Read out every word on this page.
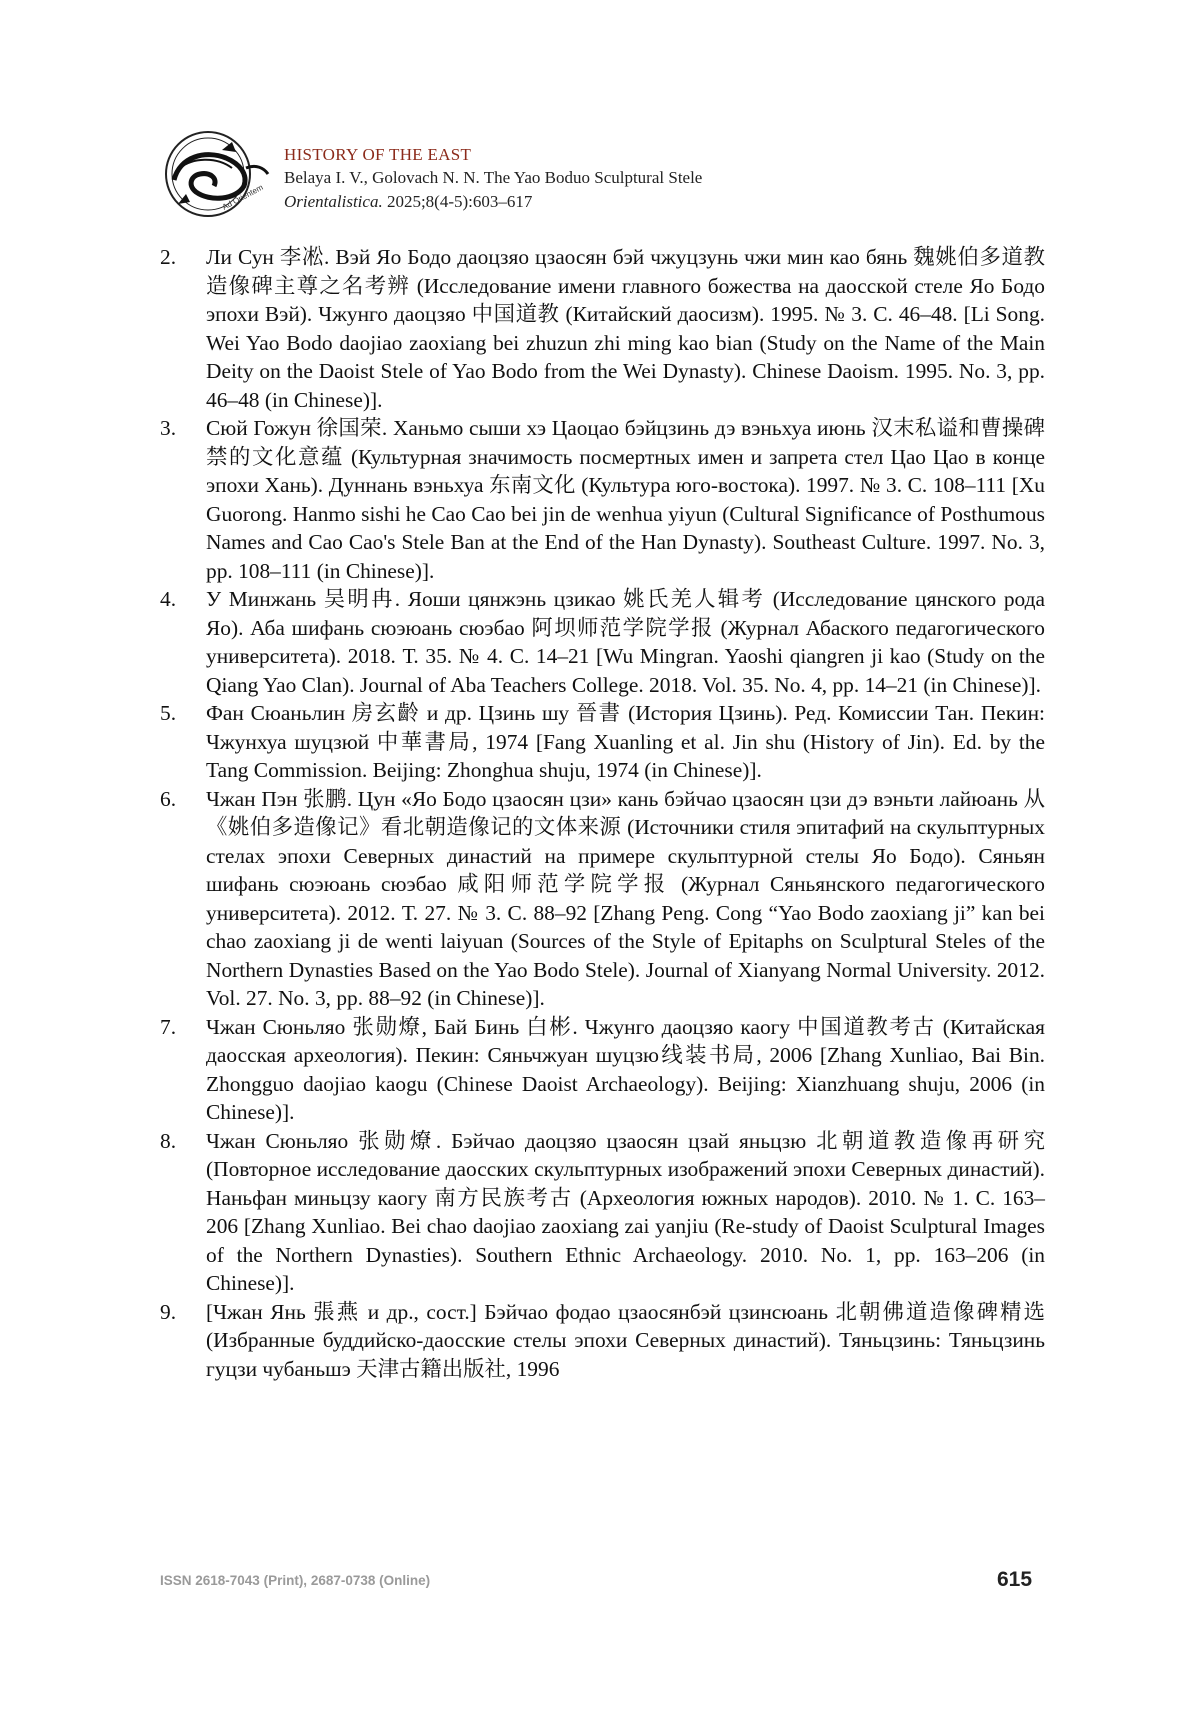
Ad Orientem
HISTORY OF THE EAST
Belaya I. V., Golovach N. N. The Yao Boduo Sculptural Stele
Orientalistica. 2025;8(4-5):603–617
2. Ли Сун 李凇. Вэй Яо Бодо даоцзяо цзаосян бэй чжуцзунь чжи мин као бянь 魏姚伯多道教造像碑主尊之名考辨 (Исследование имени главного божества на даосской стеле Яо Бодо эпохи Вэй). Чжунго даоцзяо 中国道教 (Китайский даосизм). 1995. № 3. С. 46–48. [Li Song. Wei Yao Bodo daojiao zaoxiang bei zhuzun zhi ming kao bian (Study on the Name of the Main Deity on the Daoist Stele of Yao Bodo from the Wei Dynasty). Chinese Daoism. 1995. No. 3, pp. 46–48 (in Chinese)].
3. Сюй Гожун 徐国荣. Ханьмо сыши хэ Цаоцао бэйцзинь дэ вэньхуа июнь 汉末私谥和曹操碑禁的文化意蕴 (Культурная значимость посмертных имен и запрета стел Цао Цао в конце эпохи Хань). Дуннань вэньхуа 东南文化 (Культура юго-востока). 1997. № 3. С. 108–111 [Xu Guorong. Hanmo sishi he Cao Cao bei jin de wenhua yiyun (Cultural Significance of Posthumous Names and Cao Cao's Stele Ban at the End of the Han Dynasty). Southeast Culture. 1997. No. 3, pp. 108–111 (in Chinese)].
4. У Минжань 吴明冉. Яоши цянжэнь цзикао 姚氏羌人辑考 (Исследование цянского рода Яо). Аба шифань сюэюань сюэбао 阿坝师范学院学报 (Журнал Абаского педагогического университета). 2018. Т. 35. № 4. С. 14–21 [Wu Mingran. Yaoshi qiangren ji kao (Study on the Qiang Yao Clan). Journal of Aba Teachers College. 2018. Vol. 35. No. 4, pp. 14–21 (in Chinese)].
5. Фан Сюаньлин 房玄齡 и др. Цзинь шу 晉書 (История Цзинь). Ред. Комиссии Тан. Пекин: Чжунхуа шуцзюй 中華書局, 1974 [Fang Xuanling et al. Jin shu (History of Jin). Ed. by the Tang Commission. Beijing: Zhonghua shuju, 1974 (in Chinese)].
6. Чжан Пэн 张鹏. Цун «Яо Бодо цзаосян цзи» кань бэйчао цзаосян цзи дэ вэньти лайюань 从《姚伯多造像记》看北朝造像记的文体来源 (Источники стиля эпитафий на скульптурных стелах эпохи Северных династий на примере скульптурной стелы Яо Бодо). Сяньян шифань сюэюань сюэбао 咸阳师范学院学报 (Журнал Сяньянского педагогического университета). 2012. Т. 27. № 3. С. 88–92 [Zhang Peng. Cong “Yao Bodo zaoxiang ji” kan bei chao zaoxiang ji de wenti laiyuan (Sources of the Style of Epitaphs on Sculptural Steles of the Northern Dynasties Based on the Yao Bodo Stele). Journal of Xianyang Normal University. 2012. Vol. 27. No. 3, pp. 88–92 (in Chinese)].
7. Чжан Сюньляо 张勋燎, Бай Бинь 白彬. Чжунго даоцзяо каогу 中国道教考古 (Китайская даосская археология). Пекин: Сяньчжуан шуцзю线装书局, 2006 [Zhang Xunliao, Bai Bin. Zhongguo daojiao kaogu (Chinese Daoist Archaeology). Beijing: Xianzhuang shuju, 2006 (in Chinese)].
8. Чжан Сюньляо 张勋燎. Бэйчао даоцзяо цзаосян цзай яньцзю 北朝道教造像再研究 (Повторное исследование даосских скульптурных изображений эпохи Северных династий). Наньфан миньцзу каогу 南方民族考古 (Археология южных народов). 2010. № 1. С. 163–206 [Zhang Xunliao. Bei chao daojiao zaoxiang zai yanjiu (Re-study of Daoist Sculptural Images of the Northern Dynasties). Southern Ethnic Archaeology. 2010. No. 1, pp. 163–206 (in Chinese)].
9. [Чжан Янь 張燕 и др., сост.] Бэйчао фодао цзаосянбэй цзинсюань 北朝佛道造像碑精选 (Избранные буддийско-даосские стелы эпохи Северных династий). Тяньцзинь: Тяньцзинь гуцзи чубаньшэ 天津古籍出版社, 1996
ISSN 2618-7043 (Print), 2687-0738 (Online)	615
